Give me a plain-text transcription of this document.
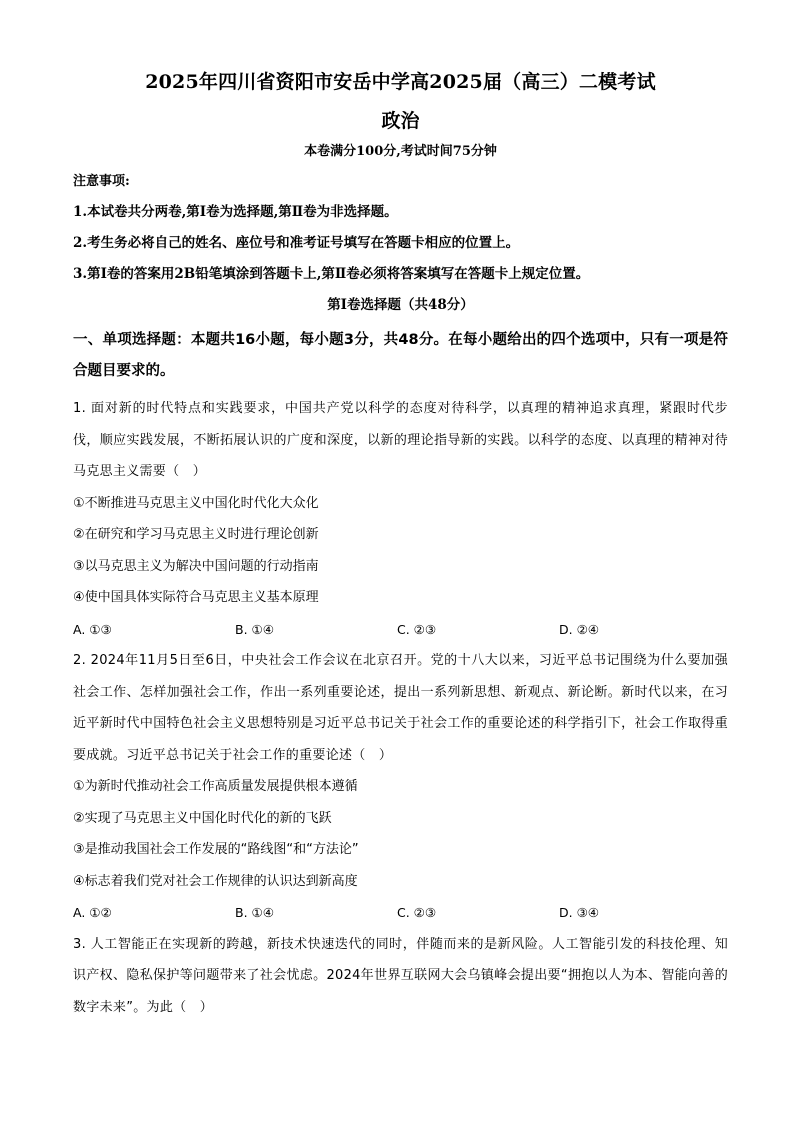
2025年四川省资阳市安岳中学高2025届（高三）二模考试
政治
本卷满分100分,考试时间75分钟
注意事项:
1.本试卷共分两卷,第Ⅰ卷为选择题,第Ⅱ卷为非选择题。
2.考生务必将自己的姓名、座位号和准考证号填写在答题卡相应的位置上。
3.第Ⅰ卷的答案用2B铅笔填涂到答题卡上,第Ⅱ卷必须将答案填写在答题卡上规定位置。
第Ⅰ卷选择题（共48分）
一、单项选择题：本题共16小题，每小题3分，共48分。在每小题给出的四个选项中，只有一项是符合题目要求的。

1. 面对新的时代特点和实践要求，中国共产党以科学的态度对待科学，以真理的精神追求真理，紧跟时代步伐，顺应实践发展，不断拓展认识的广度和深度，以新的理论指导新的实践。以科学的态度、以真理的精神对待马克思主义需要（　）

①不断推进马克思主义中国化时代化大众化

②在研究和学习马克思主义时进行理论创新

③以马克思主义为解决中国问题的行动指南

④使中国具体实际符合马克思主义基本原理

A. ①③	B. ①④	C. ②③	D. ②④

2. 2024年11月5日至6日，中央社会工作会议在北京召开。党的十八大以来，习近平总书记围绕为什么要加强社会工作、怎样加强社会工作，作出一系列重要论述，提出一系列新思想、新观点、新论断。新时代以来，在习近平新时代中国特色社会主义思想特别是习近平总书记关于社会工作的重要论述的科学指引下，社会工作取得重要成就。习近平总书记关于社会工作的重要论述（　）

①为新时代推动社会工作高质量发展提供根本遵循

②实现了马克思主义中国化时代化的新的飞跃

③是推动我国社会工作发展的“路线图“和“方法论”

④标志着我们党对社会工作规律的认识达到新高度

A. ①②	B. ①④	C. ②③	D. ③④

3. 人工智能正在实现新的跨越，新技术快速迭代的同时，伴随而来的是新风险。人工智能引发的科技伦理、知识产权、隐私保护等问题带来了社会忧虑。2024年世界互联网大会乌镇峰会提出要“拥抱以人为本、智能向善的数字未来”。为此（　）
